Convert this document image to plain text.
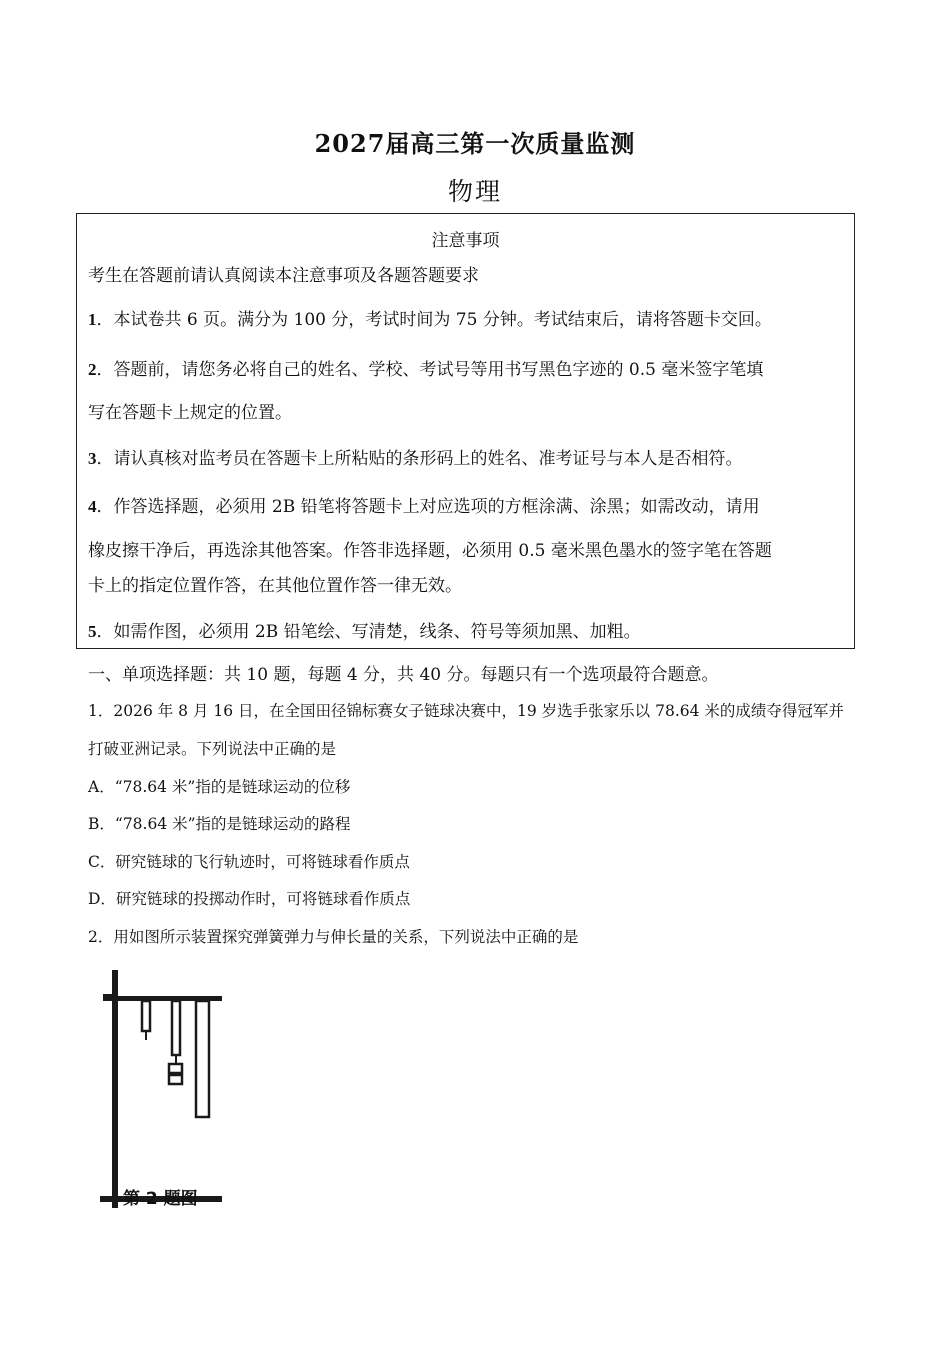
2027届高三第一次质量监测
物理
注意事项
考生在答题前请认真阅读本注意事项及各题答题要求
1．本试卷共 6 页。满分为 100 分，考试时间为 75 分钟。考试结束后，请将答题卡交回。
2．答题前，请您务必将自己的姓名、学校、考试号等用书写黑色字迹的 0.5 毫米签字笔填
写在答题卡上规定的位置。
3．请认真核对监考员在答题卡上所粘贴的条形码上的姓名、准考证号与本人是否相符。
4．作答选择题，必须用 2B 铅笔将答题卡上对应选项的方框涂满、涂黑；如需改动，请用
橡皮擦干净后，再选涂其他答案。作答非选择题，必须用 0.5 毫米黑色墨水的签字笔在答题
卡上的指定位置作答，在其他位置作答一律无效。
5．如需作图，必须用 2B 铅笔绘、写清楚，线条、符号等须加黑、加粗。
一、单项选择题：共 10 题，每题 4 分，共 40 分。每题只有一个选项最符合题意。
1．2026 年 8 月 16 日，在全国田径锦标赛女子链球决赛中，19 岁选手张家乐以 78.64 米的成绩夺得冠军并
打破亚洲记录。下列说法中正确的是
A．“78.64 米”指的是链球运动的位移
B．“78.64 米”指的是链球运动的路程
C．研究链球的飞行轨迹时，可将链球看作质点
D．研究链球的投掷动作时，可将链球看作质点
2．用如图所示装置探究弹簧弹力与伸长量的关系，下列说法中正确的是
第 2 题图
